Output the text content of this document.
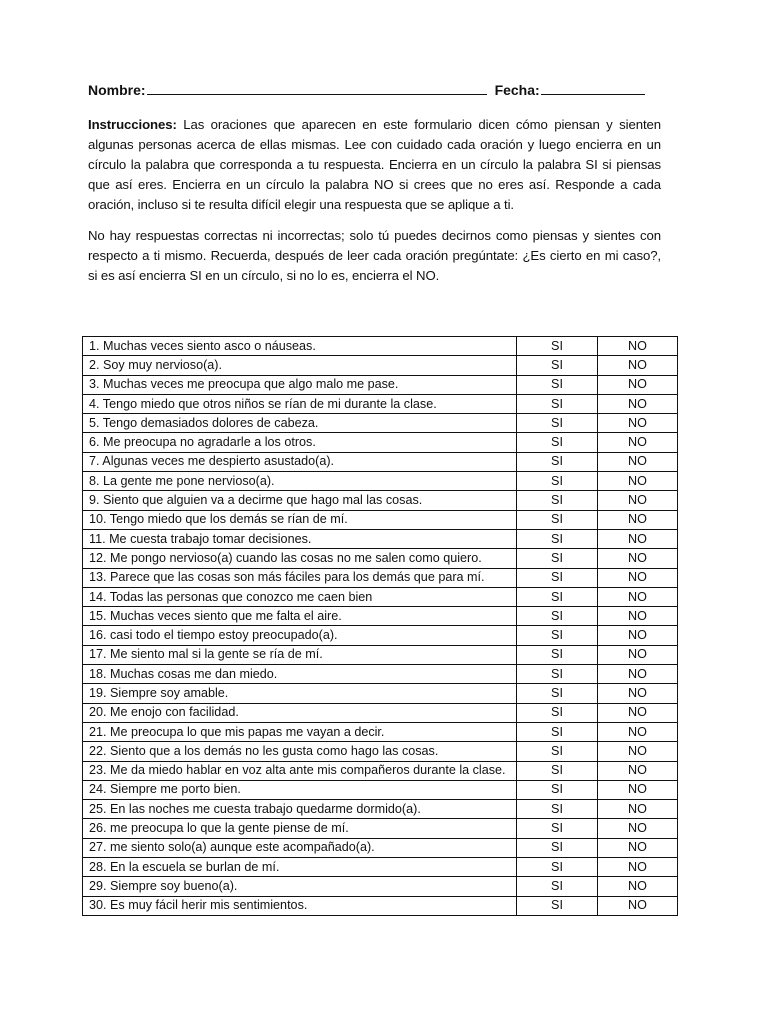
Nombre:	Fecha:

Instrucciones: Las oraciones que aparecen en este formulario dicen cómo piensan y sienten algunas personas acerca de ellas mismas. Lee con cuidado cada oración y luego encierra en un círculo la palabra que corresponda a tu respuesta. Encierra en un círculo la palabra SI si piensas que así eres. Encierra en un círculo la palabra NO si crees que no eres así. Responde a cada oración, incluso si te resulta difícil elegir una respuesta que se aplique a ti.

No hay respuestas correctas ni incorrectas; solo tú puedes decirnos como piensas y sientes con respecto a ti mismo. Recuerda, después de leer cada oración pregúntate: ¿Es cierto en mi caso?, si es así encierra SI en un círculo, si no lo es, encierra el NO.

1. Muchas veces siento asco o náuseas.	SI	NO
2. Soy muy nervioso(a).	SI	NO
3. Muchas veces me preocupa que algo malo me pase.	SI	NO
4. Tengo miedo que otros niños se rían de mi durante la clase.	SI	NO
5. Tengo demasiados dolores de cabeza.	SI	NO
6. Me preocupa no agradarle a los otros.	SI	NO
7. Algunas veces me despierto asustado(a).	SI	NO
8. La gente me pone nervioso(a).	SI	NO
9. Siento que alguien va a decirme que hago mal las cosas.	SI	NO
10. Tengo miedo que los demás se rían de mí.	SI	NO
11. Me cuesta trabajo tomar decisiones.	SI	NO
12. Me pongo nervioso(a) cuando las cosas no me salen como quiero.	SI	NO
13. Parece que las cosas son más fáciles para los demás que para mí.	SI	NO
14. Todas las personas que conozco me caen bien	SI	NO
15. Muchas veces siento que me falta el aire.	SI	NO
16. casi todo el tiempo estoy preocupado(a).	SI	NO
17. Me siento mal si la gente se ría de mí.	SI	NO
18. Muchas cosas me dan miedo.	SI	NO
19. Siempre soy amable.	SI	NO
20. Me enojo con facilidad.	SI	NO
21. Me preocupa lo que mis papas me vayan a decir.	SI	NO
22. Siento que a los demás no les gusta como hago las cosas.	SI	NO
23. Me da miedo hablar en voz alta ante mis compañeros durante la clase.	SI	NO
24. Siempre me porto bien.	SI	NO
25. En las noches me cuesta trabajo quedarme dormido(a).	SI	NO
26. me preocupa lo que la gente piense de mí.	SI	NO
27. me siento solo(a) aunque este acompañado(a).	SI	NO
28. En la escuela se burlan de mí.	SI	NO
29. Siempre soy bueno(a).	SI	NO
30. Es muy fácil herir mis sentimientos.	SI	NO
